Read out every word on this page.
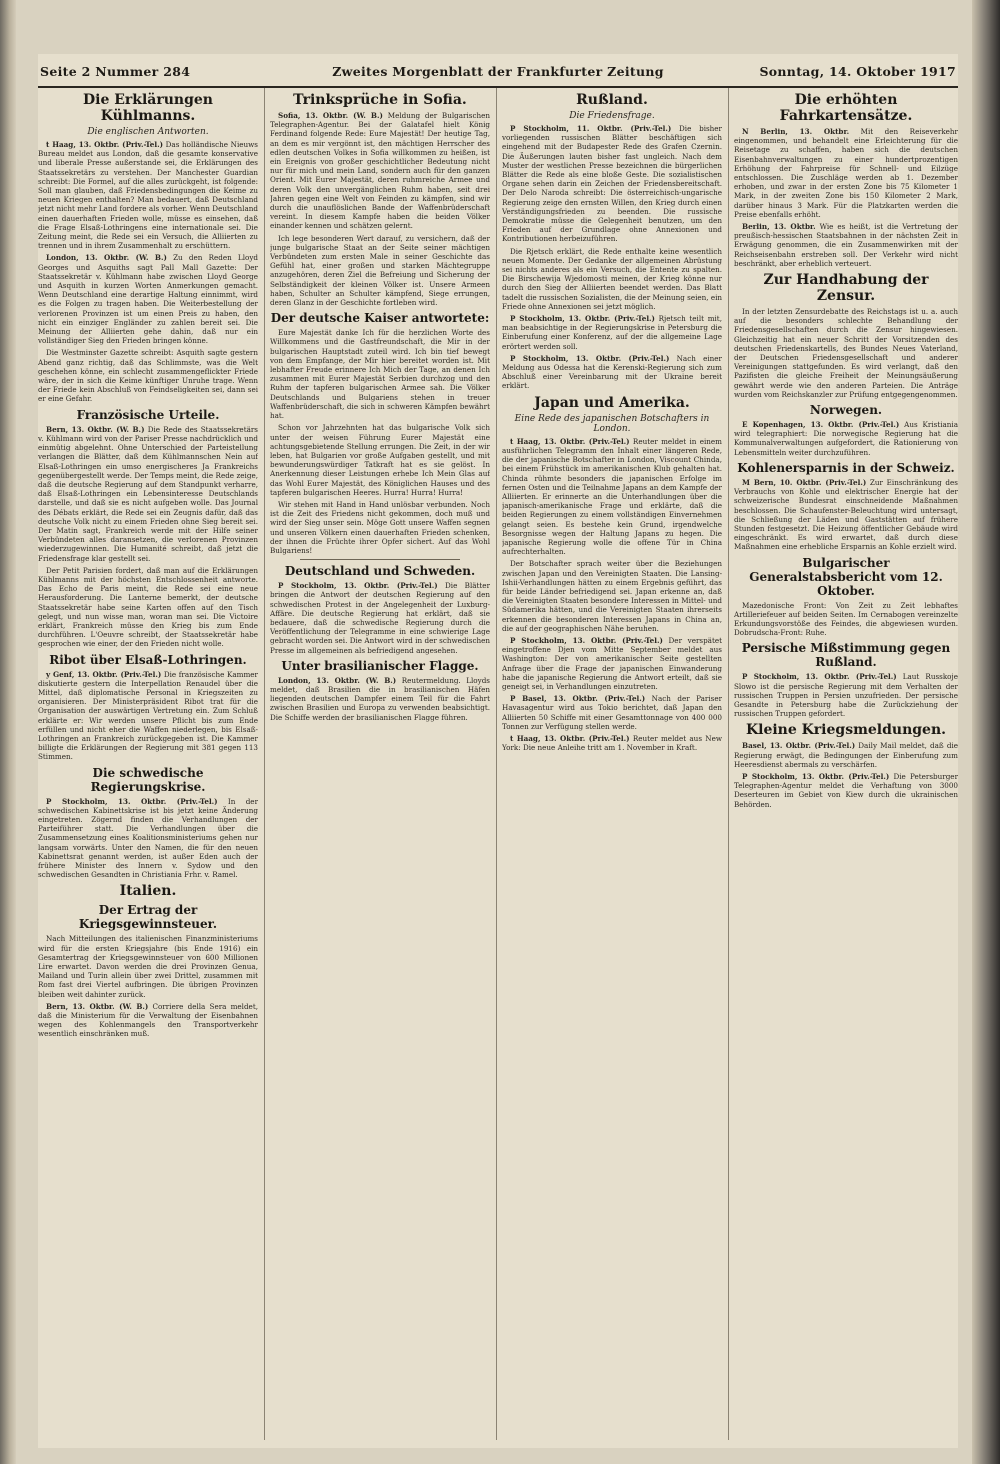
Seite 2 Nummer 284	Zweites Morgenblatt der Frankfurter Zeitung	Sonntag, 14. Oktober 1917
Die Erklärungen Kühlmanns.
Die englischen Antworten.

t Haag, 13. Oktbr. (Priv.-Tel.) Das holländische Nieuws Bureau meldet aus London, daß die gesamte konservative und liberale Presse außerstande sei, die Erklärungen des Staatssekretärs zu verstehen. Der Manchester Guardian schreibt: Die Formel, auf die alles zurückgeht, ist folgende: Soll man glauben, daß Friedensbedingungen die Keime zu neuen Kriegen enthalten? Man bedauert, daß Deutschland jetzt nicht mehr Land fordere als vorher. Wenn Deutschland einen dauerhaften Frieden wolle, müsse es einsehen, daß die Frage Elsaß-Lothringens eine internationale sei. Die Zeitung meint, die Rede sei ein Versuch, die Alliierten zu trennen und in ihrem Zusammenhalt zu erschüttern.

London, 13. Oktbr. (W. B.) Zu den Reden Lloyd Georges und Asquiths sagt Pall Mall Gazette: Der Staatssekretär v. Kühlmann habe zwischen Lloyd George und Asquith in kurzen Worten Anmerkungen gemacht. Wenn Deutschland eine derartige Haltung einnimmt, wird es die Folgen zu tragen haben. Die Weiterbestellung der verlorenen Provinzen ist um einen Preis zu haben, den nicht ein einziger Engländer zu zahlen bereit sei. Die Meinung der Alliierten gehe dahin, daß nur ein vollständiger Sieg den Frieden bringen könne.

Die Westminster Gazette schreibt: Asquith sagte gestern Abend ganz richtig, daß das Schlimmste, was die Welt geschehen könne, ein schlecht zusammengeflickter Friede wäre, der in sich die Keime künftiger Unruhe trage. Wenn der Friede kein Abschluß von Feindseligkeiten sei, dann sei er eine Gefahr.

Französische Urteile.

Bern, 13. Oktbr. (W. B.) Die Rede des Staatssekretärs v. Kühlmann wird von der Pariser Presse nachdrücklich und einmütig abgelehnt. Ohne Unterschied der Parteistellung verlangen die Blätter, daß dem Kühlmannschen Nein auf Elsaß-Lothringen ein umso energischeres Ja Frankreichs gegenübergestellt werde. Der Temps meint, die Rede zeige, daß die deutsche Regierung auf dem Standpunkt verharre, daß Elsaß-Lothringen ein Lebensinteresse Deutschlands darstelle, und daß sie es nicht aufgeben wolle. Das Journal des Débats erklärt, die Rede sei ein Zeugnis dafür, daß das deutsche Volk nicht zu einem Frieden ohne Sieg bereit sei. Der Matin sagt, Frankreich werde mit der Hilfe seiner Verbündeten alles daransetzen, die verlorenen Provinzen wiederzugewinnen. Die Humanité schreibt, daß jetzt die Friedensfrage klar gestellt sei.

Der Petit Parisien fordert, daß man auf die Erklärungen Kühlmanns mit der höchsten Entschlossenheit antworte. Das Echo de Paris meint, die Rede sei eine neue Herausforderung. Die Lanterne bemerkt, der deutsche Staatssekretär habe seine Karten offen auf den Tisch gelegt, und nun wisse man, woran man sei. Die Victoire erklärt, Frankreich müsse den Krieg bis zum Ende durchführen. L'Oeuvre schreibt, der Staatssekretär habe gesprochen wie einer, der den Frieden nicht wolle.

Ribot über Elsaß-Lothringen.

y Genf, 13. Oktbr. (Priv.-Tel.) Die französische Kammer diskutierte gestern die Interpellation Renaudel über die Mittel, daß diplomatische Personal in Kriegszeiten zu organisieren. Der Ministerpräsident Ribot trat für die Organisation der auswärtigen Vertretung ein. Zum Schluß erklärte er: Wir werden unsere Pflicht bis zum Ende erfüllen und nicht eher die Waffen niederlegen, bis Elsaß-Lothringen an Frankreich zurückgegeben ist. Die Kammer billigte die Erklärungen der Regierung mit 381 gegen 113 Stimmen.

Die schwedische Regierungskrise.

P Stockholm, 13. Oktbr. (Priv.-Tel.) In der schwedischen Kabinettskrise ist bis jetzt keine Änderung eingetreten. Zögernd finden die Verhandlungen der Parteiführer statt. Die Verhandlungen über die Zusammensetzung eines Koalitionsministeriums gehen nur langsam vorwärts. Unter den Namen, die für den neuen Kabinettsrat genannt werden, ist außer Eden auch der frühere Minister des Innern v. Sydow und den schwedischen Gesandten in Christiania Frhr. v. Ramel.

Italien.
Der Ertrag der Kriegsgewinnsteuer.

Nach Mitteilungen des italienischen Finanzministeriums wird für die ersten Kriegsjahre (bis Ende 1916) ein Gesamtertrag der Kriegsgewinnsteuer von 600 Millionen Lire erwartet. Davon werden die drei Provinzen Genua, Mailand und Turin allein über zwei Drittel, zusammen mit Rom fast drei Viertel aufbringen. Die übrigen Provinzen bleiben weit dahinter zurück.

Bern, 13. Oktbr. (W. B.) Corriere della Sera meldet, daß die Ministerium für die Verwaltung der Eisenbahnen wegen des Kohlenmangels den Transportverkehr wesentlich einschränken muß.

Trinksprüche in Sofia.

Sofia, 13. Oktbr. (W. B.) Meldung der Bulgarischen Telegraphen-Agentur. Bei der Galatafel hielt König Ferdinand folgende Rede: Eure Majestät! Der heutige Tag, an dem es mir vergönnt ist, den mächtigen Herrscher des edlen deutschen Volkes in Sofia willkommen zu heißen, ist ein Ereignis von großer geschichtlicher Bedeutung nicht nur für mich und mein Land, sondern auch für den ganzen Orient. Mit Eurer Majestät, deren ruhmreiche Armee und deren Volk den unvergänglichen Ruhm haben, seit drei Jahren gegen eine Welt von Feinden zu kämpfen, sind wir durch die unauflöslichen Bande der Waffenbrüderschaft vereint. In diesem Kampfe haben die beiden Völker einander kennen und schätzen gelernt.

Ich lege besonderen Wert darauf, zu versichern, daß der junge bulgarische Staat an der Seite seiner mächtigen Verbündeten zum ersten Male in seiner Geschichte das Gefühl hat, einer großen und starken Mächtegruppe anzugehören, deren Ziel die Befreiung und Sicherung der Selbständigkeit der kleinen Völker ist. Unsere Armeen haben, Schulter an Schulter kämpfend, Siege errungen, deren Glanz in der Geschichte fortleben wird.

Der deutsche Kaiser antwortete:

Eure Majestät danke Ich für die herzlichen Worte des Willkommens und die Gastfreundschaft, die Mir in der bulgarischen Hauptstadt zuteil wird. Ich bin tief bewegt von dem Empfange, der Mir hier bereitet worden ist. Mit lebhafter Freude erinnere Ich Mich der Tage, an denen Ich zusammen mit Eurer Majestät Serbien durchzog und den Ruhm der tapferen bulgarischen Armee sah. Die Völker Deutschlands und Bulgariens stehen in treuer Waffenbrüderschaft, die sich in schweren Kämpfen bewährt hat.

Schon vor Jahrzehnten hat das bulgarische Volk sich unter der weisen Führung Eurer Majestät eine achtungsgebietende Stellung errungen. Die Zeit, in der wir leben, hat Bulgarien vor große Aufgaben gestellt, und mit bewunderungswürdiger Tatkraft hat es sie gelöst. In Anerkennung dieser Leistungen erhebe Ich Mein Glas auf das Wohl Eurer Majestät, des Königlichen Hauses und des tapferen bulgarischen Heeres. Hurra! Hurra! Hurra!

Wir stehen mit Hand in Hand unlösbar verbunden. Noch ist die Zeit des Friedens nicht gekommen, doch muß und wird der Sieg unser sein. Möge Gott unsere Waffen segnen und unseren Völkern einen dauerhaften Frieden schenken, der ihnen die Früchte ihrer Opfer sichert. Auf das Wohl Bulgariens!

Deutschland und Schweden.

P Stockholm, 13. Oktbr. (Priv.-Tel.) Die Blätter bringen die Antwort der deutschen Regierung auf den schwedischen Protest in der Angelegenheit der Luxburg-Affäre. Die deutsche Regierung hat erklärt, daß sie bedauere, daß die schwedische Regierung durch die Veröffentlichung der Telegramme in eine schwierige Lage gebracht worden sei. Die Antwort wird in der schwedischen Presse im allgemeinen als befriedigend angesehen.

Unter brasilianischer Flagge.

London, 13. Oktbr. (W. B.) Reutermeldung. Lloyds meldet, daß Brasilien die in brasilianischen Häfen liegenden deutschen Dampfer einem Teil für die Fahrt zwischen Brasilien und Europa zu verwenden beabsichtigt. Die Schiffe werden der brasilianischen Flagge führen.

Rußland.
Die Friedensfrage.

P Stockholm, 11. Oktbr. (Priv.-Tel.) Die bisher vorliegenden russischen Blätter beschäftigen sich eingehend mit der Budapester Rede des Grafen Czernin. Die Äußerungen lauten bisher fast ungleich. Nach dem Muster der westlichen Presse bezeichnen die bürgerlichen Blätter die Rede als eine bloße Geste. Die sozialistischen Organe sehen darin ein Zeichen der Friedensbereitschaft. Der Delo Naroda schreibt: Die österreichisch-ungarische Regierung zeige den ernsten Willen, den Krieg durch einen Verständigungsfrieden zu beenden. Die russische Demokratie müsse die Gelegenheit benutzen, um den Frieden auf der Grundlage ohne Annexionen und Kontributionen herbeizuführen.

Die Rjetsch erklärt, die Rede enthalte keine wesentlich neuen Momente. Der Gedanke der allgemeinen Abrüstung sei nichts anderes als ein Versuch, die Entente zu spalten. Die Birschewija Wjedomosti meinen, der Krieg könne nur durch den Sieg der Alliierten beendet werden. Das Blatt tadelt die russischen Sozialisten, die der Meinung seien, ein Friede ohne Annexionen sei jetzt möglich.

P Stockholm, 13. Oktbr. (Priv.-Tel.) Rjetsch teilt mit, man beabsichtige in der Regierungskrise in Petersburg die Einberufung einer Konferenz, auf der die allgemeine Lage erörtert werden soll.

P Stockholm, 13. Oktbr. (Priv.-Tel.) Nach einer Meldung aus Odessa hat die Kerenski-Regierung sich zum Abschluß einer Vereinbarung mit der Ukraine bereit erklärt.

Japan und Amerika.
Eine Rede des japanischen Botschafters in London.

t Haag, 13. Oktbr. (Priv.-Tel.) Reuter meldet in einem ausführlichen Telegramm den Inhalt einer längeren Rede, die der japanische Botschafter in London, Viscount Chinda, bei einem Frühstück im amerikanischen Klub gehalten hat. Chinda rühmte besonders die japanischen Erfolge im fernen Osten und die Teilnahme Japans an dem Kampfe der Alliierten. Er erinnerte an die Unterhandlungen über die japanisch-amerikanische Frage und erklärte, daß die beiden Regierungen zu einem vollständigen Einvernehmen gelangt seien. Es bestehe kein Grund, irgendwelche Besorgnisse wegen der Haltung Japans zu hegen. Die japanische Regierung wolle die offene Tür in China aufrechterhalten.

Der Botschafter sprach weiter über die Beziehungen zwischen Japan und den Vereinigten Staaten. Die Lansing-Ishii-Verhandlungen hätten zu einem Ergebnis geführt, das für beide Länder befriedigend sei. Japan erkenne an, daß die Vereinigten Staaten besondere Interessen in Mittel- und Südamerika hätten, und die Vereinigten Staaten ihrerseits erkennen die besonderen Interessen Japans in China an, die auf der geographischen Nähe beruhen.

P Stockholm, 13. Oktbr. (Priv.-Tel.) Der verspätet eingetroffene Djen vom Mitte September meldet aus Washington: Der von amerikanischer Seite gestellten Anfrage über die Frage der japanischen Einwanderung habe die japanische Regierung die Antwort erteilt, daß sie geneigt sei, in Verhandlungen einzutreten.

P Basel, 13. Oktbr. (Priv.-Tel.) Nach der Pariser Havasagentur wird aus Tokio berichtet, daß Japan den Alliierten 50 Schiffe mit einer Gesamttonnage von 400 000 Tonnen zur Verfügung stellen werde.

t Haag, 13. Oktbr. (Priv.-Tel.) Reuter meldet aus New York: Die neue Anleihe tritt am 1. November in Kraft.

Die erhöhten Fahrkartensätze.

N Berlin, 13. Oktbr. Mit den Reiseverkehr eingenommen, und behandelt eine Erleichterung für die Reisetage zu schaffen, haben sich die deutschen Eisenbahnverwaltungen zu einer hundertprozentigen Erhöhung der Fahrpreise für Schnell- und Eilzüge entschlossen. Die Zuschläge werden ab 1. Dezember erhoben, und zwar in der ersten Zone bis 75 Kilometer 1 Mark, in der zweiten Zone bis 150 Kilometer 2 Mark, darüber hinaus 3 Mark. Für die Platzkarten werden die Preise ebenfalls erhöht.

Berlin, 13. Oktbr. Wie es heißt, ist die Vertretung der preußisch-hessischen Staatsbahnen in der nächsten Zeit in Erwägung genommen, die ein Zusammenwirken mit der Reichseisenbahn erstreben soll. Der Verkehr wird nicht beschränkt, aber erheblich verteuert.

Zur Handhabung der Zensur.

In der letzten Zensurdebatte des Reichstags ist u. a. auch auf die besonders schlechte Behandlung der Friedensgesellschaften durch die Zensur hingewiesen. Gleichzeitig hat ein neuer Schritt der Vorsitzenden des deutschen Friedenskartells, des Bundes Neues Vaterland, der Deutschen Friedensgesellschaft und anderer Vereinigungen stattgefunden. Es wird verlangt, daß den Pazifisten die gleiche Freiheit der Meinungsäußerung gewährt werde wie den anderen Parteien. Die Anträge wurden vom Reichskanzler zur Prüfung entgegengenommen.

Norwegen.

E Kopenhagen, 13. Oktbr. (Priv.-Tel.) Aus Kristiania wird telegraphiert: Die norwegische Regierung hat die Kommunalverwaltungen aufgefordert, die Rationierung von Lebensmitteln weiter durchzuführen.

Kohlenersparnis in der Schweiz.

M Bern, 10. Oktbr. (Priv.-Tel.) Zur Einschränkung des Verbrauchs von Kohle und elektrischer Energie hat der schweizerische Bundesrat einschneidende Maßnahmen beschlossen. Die Schaufenster-Beleuchtung wird untersagt, die Schließung der Läden und Gaststätten auf frühere Stunden festgesetzt. Die Heizung öffentlicher Gebäude wird eingeschränkt. Es wird erwartet, daß durch diese Maßnahmen eine erhebliche Ersparnis an Kohle erzielt wird.

Bulgarischer Generalstabsbericht vom 12. Oktober.

Mazedonische Front: Von Zeit zu Zeit lebhaftes Artilleriefeuer auf beiden Seiten. Im Cernabogen vereinzelte Erkundungsvorstöße des Feindes, die abgewiesen wurden. Dobrudscha-Front: Ruhe.

Persische Mißstimmung gegen Rußland.

P Stockholm, 13. Oktbr. (Priv.-Tel.) Laut Russkoje Slowo ist die persische Regierung mit dem Verhalten der russischen Truppen in Persien unzufrieden. Der persische Gesandte in Petersburg habe die Zurückziehung der russischen Truppen gefordert.

Kleine Kriegsmeldungen.

Basel, 13. Oktbr. (Priv.-Tel.) Daily Mail meldet, daß die Regierung erwägt, die Bedingungen der Einberufung zum Heeresdienst abermals zu verschärfen.

P Stockholm, 13. Oktbr. (Priv.-Tel.) Die Petersburger Telegraphen-Agentur meldet die Verhaftung von 3000 Deserteuren im Gebiet von Kiew durch die ukrainischen Behörden.
